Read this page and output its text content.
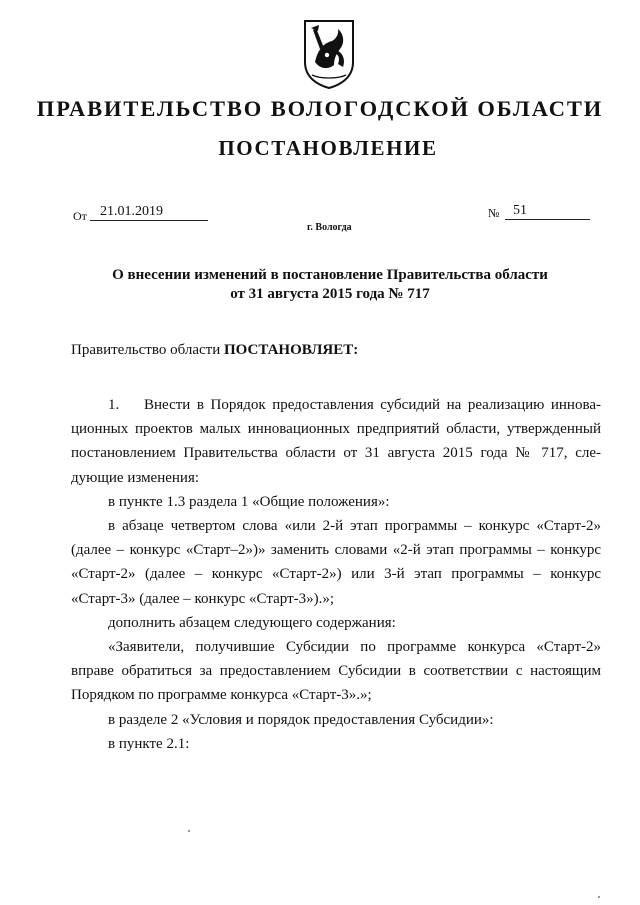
ПРАВИТЕЛЬСТВО ВОЛОГОДСКОЙ ОБЛАСТИ
ПОСТАНОВЛЕНИЕ
От 21.01.2019	№ 51
г. Вологда
О внесении изменений в постановление Правительства области
от 31 августа 2015 года № 717
Правительство области ПОСТАНОВЛЯЕТ:
1. Внести в Порядок предоставления субсидий на реализацию иннова-
ционных проектов малых инновационных предприятий области, утвержденный
постановлением Правительства области от 31 августа 2015 года № 717, сле-
дующие изменения:
в пункте 1.3 раздела 1 «Общие положения»:
в абзаце четвертом слова «или 2-й этап программы – конкурс «Старт-2»
(далее – конкурс «Старт–2»)» заменить словами «2-й этап программы – конкурс
«Старт-2» (далее – конкурс «Старт-2») или 3-й этап программы – конкурс
«Старт-3» (далее – конкурс «Старт-3»).»;
дополнить абзацем следующего содержания:
«Заявители, получившие Субсидии по программе конкурса «Старт-2»
вправе обратиться за предоставлением Субсидии в соответствии с настоящим
Порядком по программе конкурса «Старт-3».»;
в разделе 2 «Условия и порядок предоставления Субсидии»:
в пункте 2.1:
